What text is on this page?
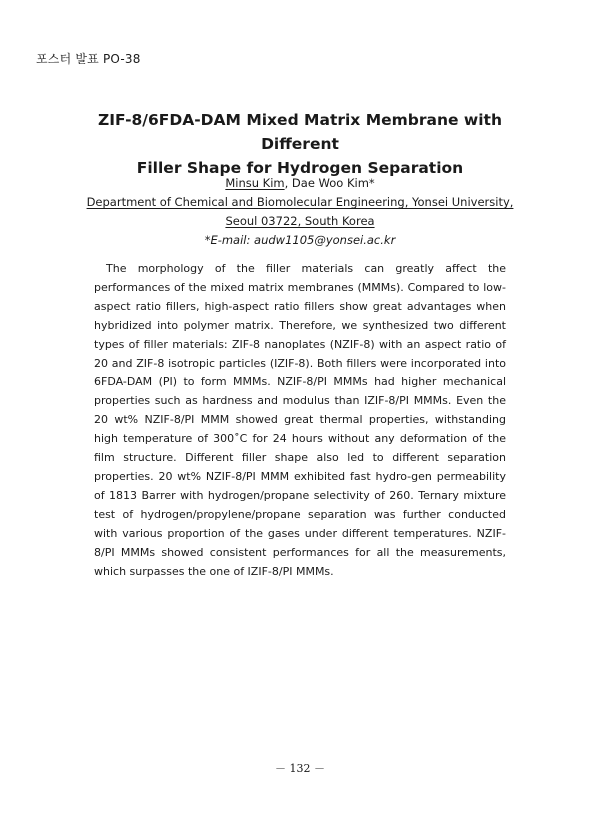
포스터 발표 PO-38
ZIF-8/6FDA-DAM Mixed Matrix Membrane with Different
Filler Shape for Hydrogen Separation
Minsu Kim, Dae Woo Kim*
Department of Chemical and Biomolecular Engineering, Yonsei University,
Seoul 03722, South Korea
*E-mail: audw1105@yonsei.ac.kr

The morphology of the filler materials can greatly affect the performances of the mixed matrix membranes (MMMs). Compared to low-aspect ratio fillers, high-aspect ratio fillers show great advantages when hybridized into polymer matrix. Therefore, we synthesized two different types of filler materials: ZIF-8 nanoplates (NZIF-8) with an aspect ratio of 20 and ZIF-8 isotropic particles (IZIF-8). Both fillers were incorporated into 6FDA-DAM (PI) to form MMMs. NZIF-8/PI MMMs had higher mechanical properties such as hardness and modulus than IZIF-8/PI MMMs. Even the 20 wt% NZIF-8/PI MMM showed great thermal properties, withstanding high temperature of 300˚C for 24 hours without any deformation of the film structure. Different filler shape also led to different separation properties. 20 wt% NZIF-8/PI MMM exhibited fast hydro-gen permeability of 1813 Barrer with hydrogen/propane selectivity of 260. Ternary mixture test of hydrogen/propylene/propane separation was further conducted with various proportion of the gases under different temperatures. NZIF-8/PI MMMs showed consistent performances for all the measurements, which surpasses the one of IZIF-8/PI MMMs.

－ 132 －
